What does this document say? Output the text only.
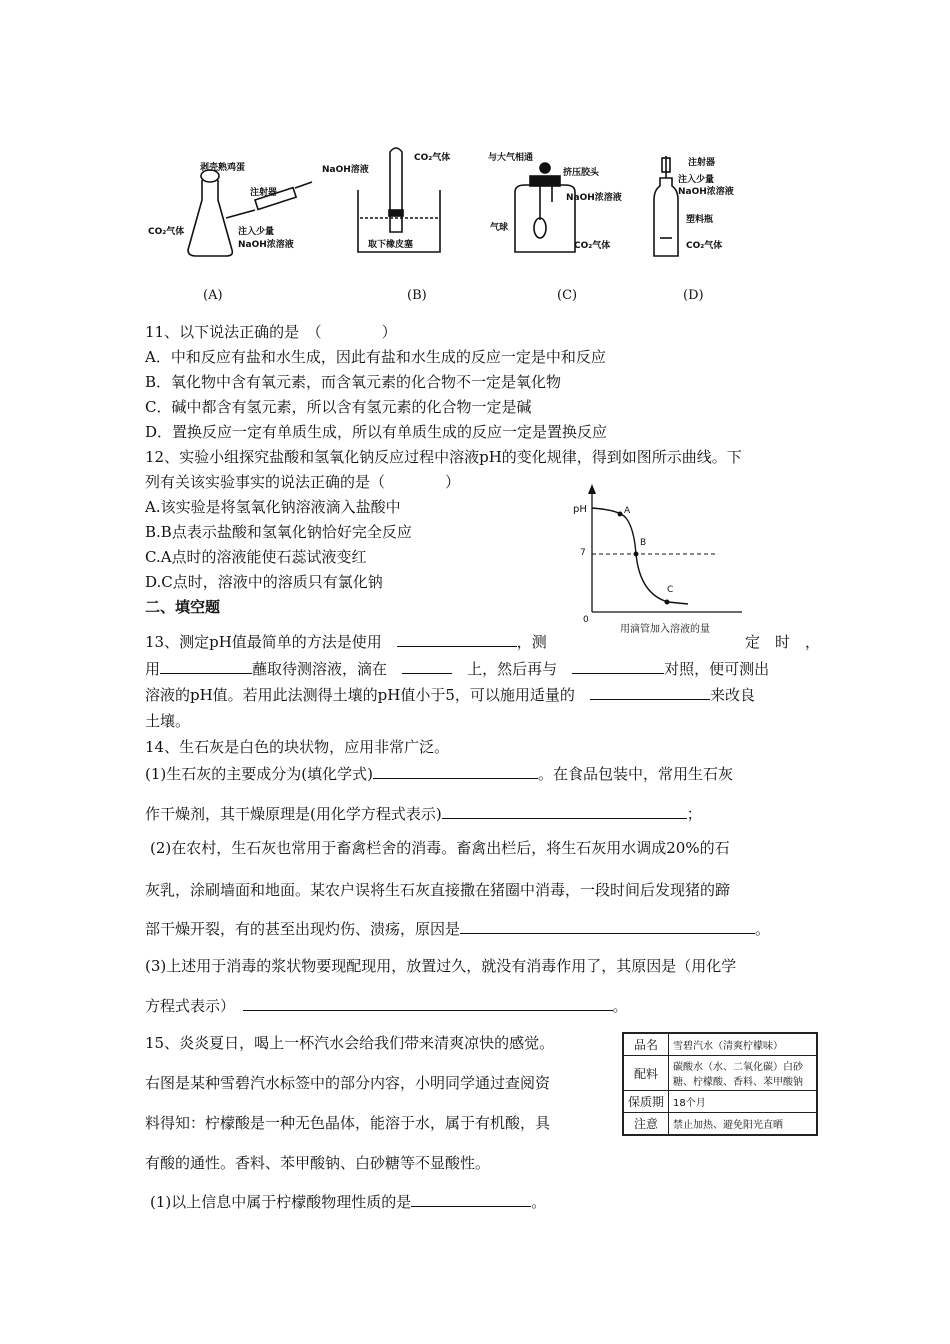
剥壳熟鸡蛋
注射器
CO₂气体	注入少量
NaOH浓溶液
NaOH溶液
CO₂气体
取下橡皮塞
与大气相通
挤压胶头
NaOH浓溶液
气球
CO₂气体
注射器
注入少量
NaOH浓溶液
塑料瓶
CO₂气体
(A)	(B)	(C)	(D)
11、以下说法正确的是　（　　　　）
A．中和反应有盐和水生成，因此有盐和水生成的反应一定是中和反应
B．氧化物中含有氧元素，而含氧元素的化合物不一定是氧化物
C．碱中都含有氢元素，所以含有氢元素的化合物一定是碱
D．置换反应一定有单质生成，所以有单质生成的反应一定是置换反应
12、实验小组探究盐酸和氢氧化钠反应过程中溶液pH的变化规律，得到如图所示曲线。下
列有关该实验事实的说法正确的是（　　　　）
A.该实验是将氢氧化钠溶液滴入盐酸中
B.B点表示盐酸和氢氧化钠恰好完全反应
C.A点时的溶液能使石蕊试液变红
D.C点时，溶液中的溶质只有氯化钠
pH	A
B
C
7
0
用滴管加入溶液的量
二、填空题
13、测定pH值最简单的方法是使用　	，测	定　时　，
用	蘸取待测溶液，滴在　　	上，然后再与　	对照，便可测出
溶液的pH值。若用此法测得土壤的pH值小于5，可以施用适量的　	来改良
土壤。
14、生石灰是白色的块状物，应用非常广泛。
(1)生石灰的主要成分为(填化学式)	。在食品包装中，常用生石灰
作干燥剂，其干燥原理是(用化学方程式表示)	；
(2)在农村，生石灰也常用于畜禽栏舍的消毒。畜禽出栏后，将生石灰用水调成20%的石
灰乳，涂刷墙面和地面。某农户误将生石灰直接撒在猪圈中消毒，一段时间后发现猪的蹄
部干燥开裂，有的甚至出现灼伤、溃疡，原因是	。
(3)上述用于消毒的浆状物要现配现用，放置过久，就没有消毒作用了，其原因是（用化学
方程式表示）　	。
15、炎炎夏日，喝上一杯汽水会给我们带来清爽凉快的感觉。
右图是某种雪碧汽水标签中的部分内容，小明同学通过查阅资
料得知：柠檬酸是一种无色晶体，能溶于水，属于有机酸，具
有酸的通性。香料、苯甲酸钠、白砂糖等不显酸性。
(1)以上信息中属于柠檬酸物理性质的是	。
品名	雪碧汽水（清爽柠檬味）
配料	碳酸水（水、二氧化碳）白砂糖、柠檬酸、香料、苯甲酸钠
保质期	18个月
注意	禁止加热、避免阳光直晒
